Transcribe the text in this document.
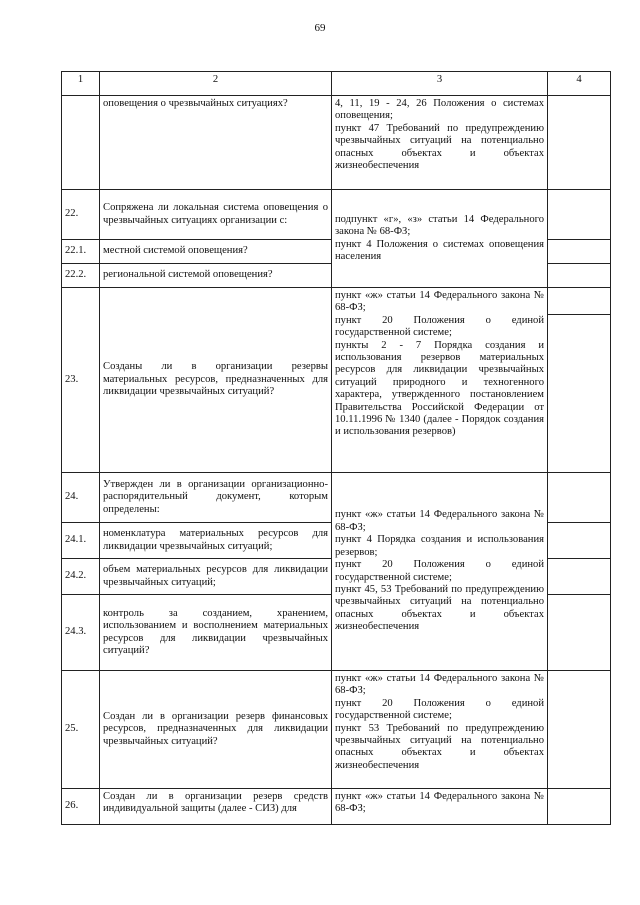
69
1	2	3	4
	оповещения о чрезвычайных ситуациях?	4, 11, 19 - 24, 26 Положения о системах оповещения;
пункт 47 Требований по предупреждению чрезвычайных ситуаций на потенциально опасных объектах и объектах жизнеобеспечения	

22.	Сопряжена ли локальная система оповещения о чрезвычайных ситуациях организации с:	подпункт «г», «з» статьи 14 Федерального закона № 68-ФЗ;
пункт 4 Положения о системах оповещения населения	

22.1.	местной системой оповещения?		
22.2.	региональной системой оповещения?		
23.	Созданы ли в организации резервы материальных ресурсов, предназначенных для ликвидации чрезвычайных ситуаций?	пункт «ж» статьи 14 Федерального закона № 68-ФЗ;
пункт 20 Положения о единой государственной системе;
пункты 2 - 7 Порядка создания и использования резервов материальных ресурсов для ликвидации чрезвычайных ситуаций природного и техногенного характера, утвержденного постановлением Правительства Российской Федерации от 10.11.1996 № 1340 (далее - Порядок создания и использования резервов)	

24.	Утвержден ли в организации организационно-распорядительный документ, которым определены:	пункт «ж» статьи 14 Федерального закона № 68-ФЗ;
пункт 4 Порядка создания и использования резервов;
пункт 20 Положения о единой государственной системе;
пункт 45, 53 Требований по предупреждению чрезвычайных ситуаций на потенциально опасных объектах и объектах жизнеобеспечения	

24.1.	номенклатура материальных ресурсов для ликвидации чрезвычайных ситуаций;		
24.2.	объем материальных ресурсов для ликвидации чрезвычайных ситуаций;		
24.3.	контроль за созданием, хранением, использованием и восполнением материальных ресурсов для ликвидации чрезвычайных ситуаций?		
25.	Создан ли в организации резерв финансовых ресурсов, предназначенных для ликвидации чрезвычайных ситуаций?	пункт «ж» статьи 14 Федерального закона № 68-ФЗ;
пункт 20 Положения о единой государственной системе;
пункт 53 Требований по предупреждению чрезвычайных ситуаций на потенциально опасных объектах и объектах жизнеобеспечения	

26.	Создан ли в организации резерв средств индивидуальной защиты (далее - СИЗ) для	пункт «ж» статьи 14 Федерального закона № 68-ФЗ;	
